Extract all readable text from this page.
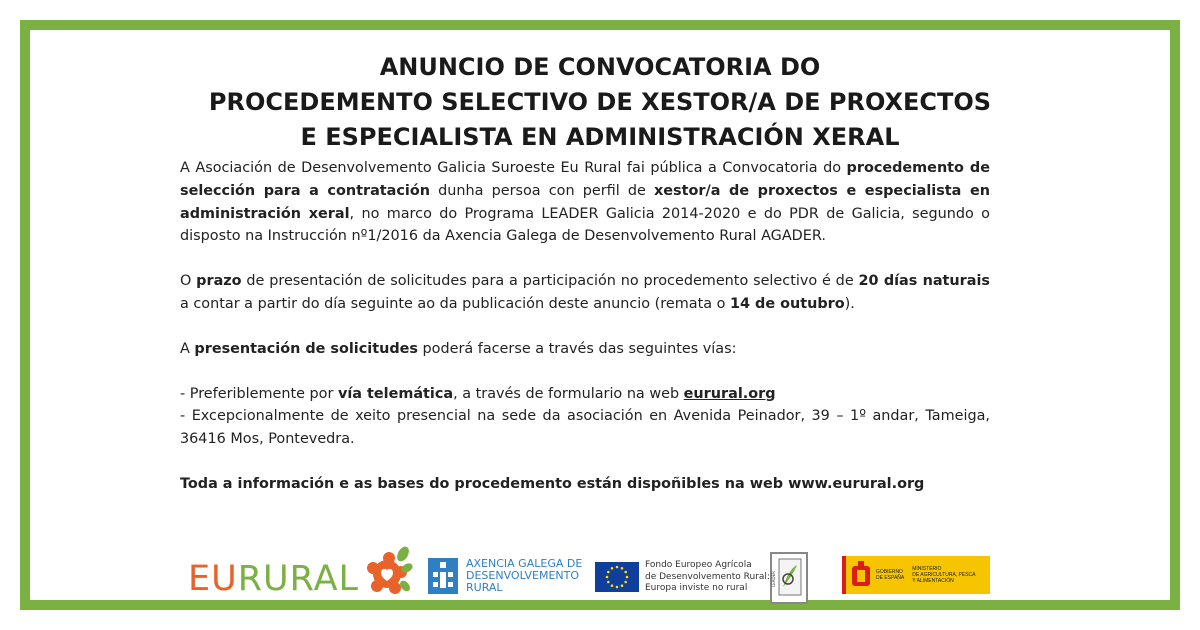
ANUNCIO DE CONVOCATORIA DO
PROCEDEMENTO SELECTIVO DE XESTOR/A DE PROXECTOS
E ESPECIALISTA EN ADMINISTRACIÓN XERAL

A Asociación de Desenvolvemento Galicia Suroeste Eu Rural fai pública a Convocatoria do procedemento de selección para a contratación dunha persoa con perfil de xestor/a de proxectos e especialista en administración xeral, no marco do Programa LEADER Galicia 2014-2020 e do PDR de Galicia, segundo o disposto na Instrucción nº1/2016 da Axencia Galega de Desenvolvemento Rural AGADER.

O prazo de presentación de solicitudes para a participación no procedemento selectivo é de 20 días naturais a contar a partir do día seguinte ao da publicación deste anuncio (remata o 14 de outubro).

A presentación de solicitudes poderá facerse a través das seguintes vías:

- Preferiblemente por vía telemática, a través de formulario na web eurural.org

- Excepcionalmente de xeito presencial na sede da asociación en Avenida Peinador, 39 – 1º andar, Tameiga, 36416 Mos, Pontevedra.

Toda a información e as bases do procedemento están dispoñibles na web www.eurural.org

EU RURAL	AXENCIA GALEGA DE
DESENVOLVEMENTO
RURAL
Fondo Europeo Agrícola
de Desenvolvemento Rural:
Europa inviste no rural
LEADER	GOBIERNO
DE ESPAÑA
MINISTERIO
DE AGRICULTURA, PESCA
Y ALIMENTACIÓN
